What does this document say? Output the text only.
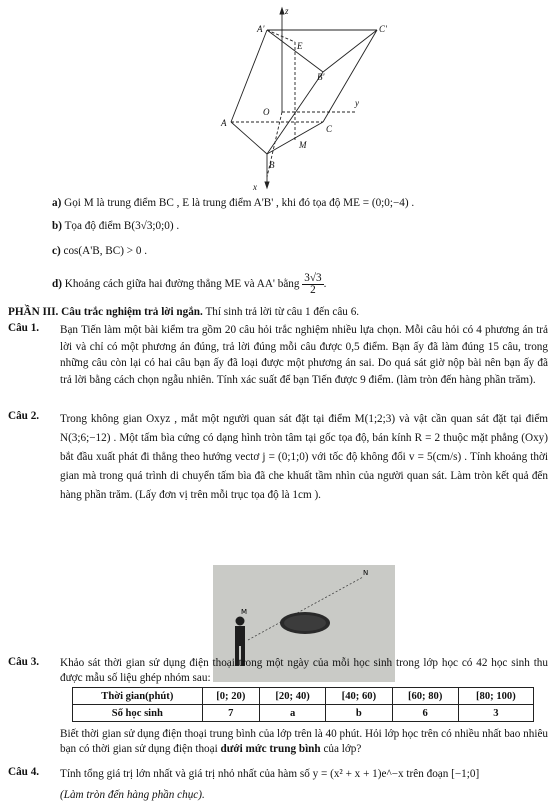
z
y
x
A'	C'
E
B'
O
A
C
M
B
a) Gọi M là trung điểm BC , E là trung điểm A'B' , khi đó tọa độ ME = (0;0;−4) .
b) Tọa độ điểm B(3√3;0;0) .
c) cos(A'B, BC) > 0 .
d) Khoảng cách giữa hai đường thẳng ME và AA' bằng $\frac{3√3}{2}$ .
PHẦN III. Câu trắc nghiệm trả lời ngắn. Thí sinh trả lời từ câu 1 đến câu 6.
Câu 1. Bạn Tiến làm một bài kiểm tra gồm 20 câu hỏi trắc nghiệm nhiều lựa chọn. Mỗi câu hỏi có 4 phương án trả lời và chỉ có một phương án đúng, trả lời đúng mỗi câu được 0,5 điểm. Bạn ấy đã làm đúng 15 câu, trong những câu còn lại có hai câu bạn ấy đã loại được một phương án sai. Do quá sát giờ nộp bài nên bạn ấy đã trả lời bằng cách chọn ngẫu nhiên. Tính xác suất để bạn Tiến được 9 điểm. (làm tròn đến hàng phần trăm).
Câu 2. Trong không gian Oxyz , mắt một người quan sát đặt tại điểm M(1;2;3) và vật cần quan sát đặt tại điểm N(3;6;−12) . Một tấm bìa cứng có dạng hình tròn tâm tại gốc tọa độ, bán kính R = 2 thuộc mặt phẳng (Oxy) bắt đầu xuất phát đi thẳng theo hướng vectơ j = (0;1;0) với tốc độ không đổi v = 5(cm/s) . Tính khoảng thời gian mà trong quá trình di chuyển tấm bìa đã che khuất tầm nhìn của người quan sát. Làm tròn kết quả đến hàng phần trăm. (Lấy đơn vị trên mỗi trục tọa độ là 1cm ).
M
N
Câu 3. Khảo sát thời gian sử dụng điện thoại trong một ngày của mỗi học sinh trong lớp học có 42 học sinh thu được mẫu số liệu ghép nhóm sau:
Thời gian(phút)	[0; 20)	[20; 40)	[40; 60)	[60; 80)	[80; 100)
Số học sinh	7	a	b	6	3
Biết thời gian sử dụng điện thoại trung bình của lớp trên là 40 phút. Hỏi lớp học trên có nhiều nhất bao nhiêu bạn có thời gian sử dụng điện thoại dưới mức trung bình của lớp?
Câu 4. Tính tổng giá trị lớn nhất và giá trị nhỏ nhất của hàm số y = (x² + x + 1)e^−x trên đoạn [−1;0]
(Làm tròn đến hàng phần chục).
